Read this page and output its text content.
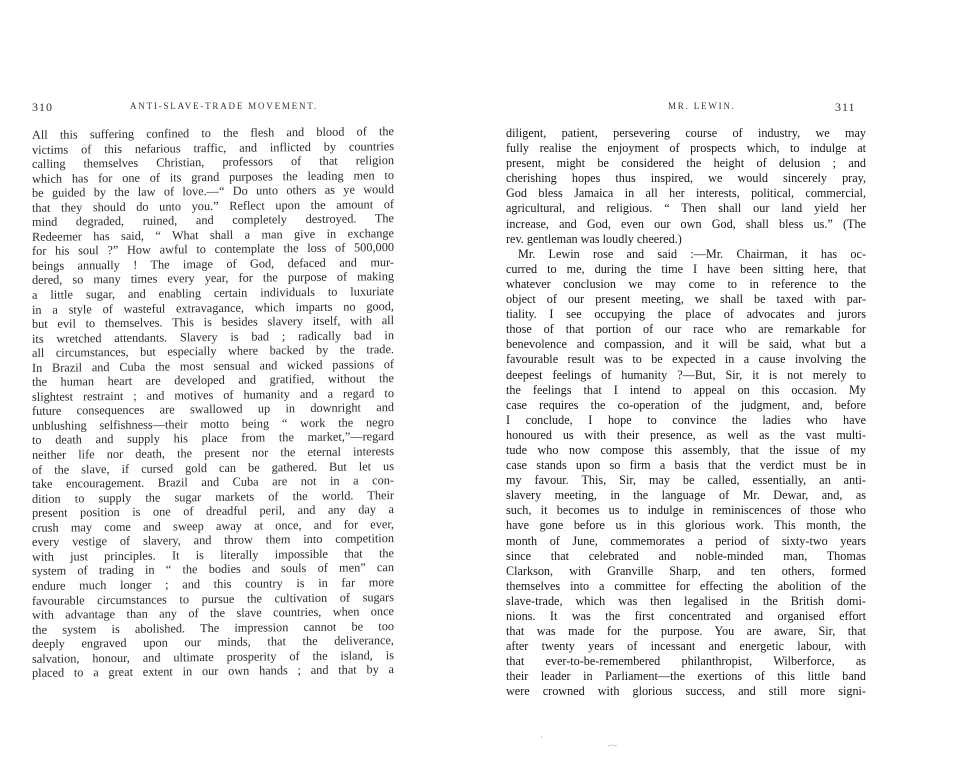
310	ANTI-SLAVE-TRADE MOVEMENT.
All this suffering confined to the flesh and blood of the
victims of this nefarious traffic, and inflicted by countries
calling themselves Christian, professors of that religion
which has for one of its grand purposes the leading men to
be guided by the law of love.—“ Do unto others as ye would
that they should do unto you.” Reflect upon the amount of
mind degraded, ruined, and completely destroyed. The
Redeemer has said, “ What shall a man give in exchange
for his soul ?” How awful to contemplate the loss of 500,000
beings annually ! The image of God, defaced and mur-
dered, so many times every year, for the purpose of making
a little sugar, and enabling certain individuals to luxuriate
in a style of wasteful extravagance, which imparts no good,
but evil to themselves. This is besides slavery itself, with all
its wretched attendants. Slavery is bad ; radically bad in
all circumstances, but especially where backed by the trade.
In Brazil and Cuba the most sensual and wicked passions of
the human heart are developed and gratified, without the
slightest restraint ; and motives of humanity and a regard to
future consequences are swallowed up in downright and
unblushing selfishness—their motto being “ work the negro
to death and supply his place from the market,”—regard
neither life nor death, the present nor the eternal interests
of the slave, if cursed gold can be gathered. But let us
take encouragement. Brazil and Cuba are not in a con-
dition to supply the sugar markets of the world. Their
present position is one of dreadful peril, and any day a
crush may come and sweep away at once, and for ever,
every vestige of slavery, and throw them into competition
with just principles. It is literally impossible that the
system of trading in “ the bodies and souls of men” can
endure much longer ; and this country is in far more
favourable circumstances to pursue the cultivation of sugars
with advantage than any of the slave countries, when once
the system is abolished. The impression cannot be too
deeply engraved upon our minds, that the deliverance,
salvation, honour, and ultimate prosperity of the island, is
placed to a great extent in our own hands ; and that by a
MR. LEWIN.	311
diligent, patient, persevering course of industry, we may
fully realise the enjoyment of prospects which, to indulge at
present, might be considered the height of delusion ; and
cherishing hopes thus inspired, we would sincerely pray,
God bless Jamaica in all her interests, political, commercial,
agricultural, and religious. “ Then shall our land yield her
increase, and God, even our own God, shall bless us.” (The
rev. gentleman was loudly cheered.)
Mr. Lewin rose and said :—Mr. Chairman, it has oc-
curred to me, during the time I have been sitting here, that
whatever conclusion we may come to in reference to the
object of our present meeting, we shall be taxed with par-
tiality. I see occupying the place of advocates and jurors
those of that portion of our race who are remarkable for
benevolence and compassion, and it will be said, what but a
favourable result was to be expected in a cause involving the
deepest feelings of humanity ?—But, Sir, it is not merely to
the feelings that I intend to appeal on this occasion. My
case requires the co-operation of the judgment, and, before
I conclude, I hope to convince the ladies who have
honoured us with their presence, as well as the vast multi-
tude who now compose this assembly, that the issue of my
case stands upon so firm a basis that the verdict must be in
my favour. This, Sir, may be called, essentially, an anti-
slavery meeting, in the language of Mr. Dewar, and, as
such, it becomes us to indulge in reminiscences of those who
have gone before us in this glorious work. This month, the
month of June, commemorates a period of sixty-two years
since that celebrated and noble-minded man, Thomas
Clarkson, with Granville Sharp, and ten others, formed
themselves into a committee for effecting the abolition of the
slave-trade, which was then legalised in the British domi-
nions. It was the first concentrated and organised effort
that was made for the purpose. You are aware, Sir, that
after twenty years of incessant and energetic labour, with
that ever-to-be-remembered philanthropist, Wilberforce, as
their leader in Parliament—the exertions of this little band
were crowned with glorious success, and still more signi-
·
-·-
